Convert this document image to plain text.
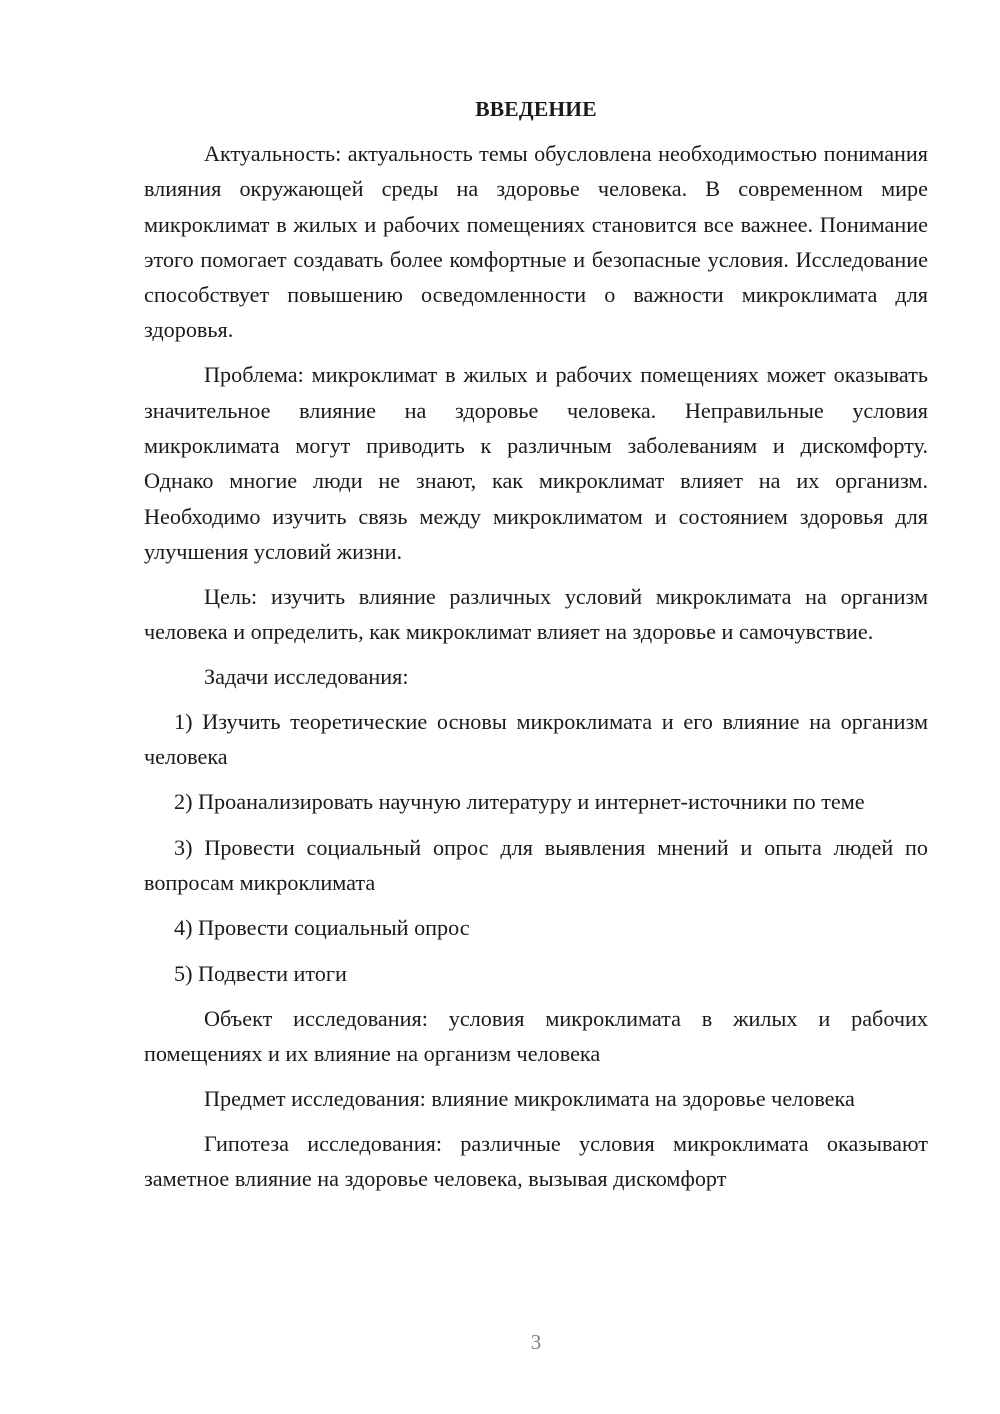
ВВЕДЕНИЕ

Актуальность: актуальность темы обусловлена необходимостью понимания влияния окружающей среды на здоровье человека. В современном мире микроклимат в жилых и рабочих помещениях становится все важнее. Понимание этого помогает создавать более комфортные и безопасные условия. Исследование способствует повышению осведомленности о важности микроклимата для здоровья.

Проблема: микроклимат в жилых и рабочих помещениях может оказывать значительное влияние на здоровье человека. Неправильные условия микроклимата могут приводить к различным заболеваниям и дискомфорту. Однако многие люди не знают, как микроклимат влияет на их организм. Необходимо изучить связь между микроклиматом и состоянием здоровья для улучшения условий жизни.

Цель: изучить влияние различных условий микроклимата на организм человека и определить, как микроклимат влияет на здоровье и самочувствие.

Задачи исследования:

1) Изучить теоретические основы микроклимата и его влияние на организм человека

2) Проанализировать научную литературу и интернет-источники по теме

3) Провести социальный опрос для выявления мнений и опыта людей по вопросам микроклимата

4) Провести социальный опрос

5) Подвести итоги

Объект исследования: условия микроклимата в жилых и рабочих помещениях и их влияние на организм человека

Предмет исследования: влияние микроклимата на здоровье человека

Гипотеза исследования: различные условия микроклимата оказывают заметное влияние на здоровье человека, вызывая дискомфорт

3
